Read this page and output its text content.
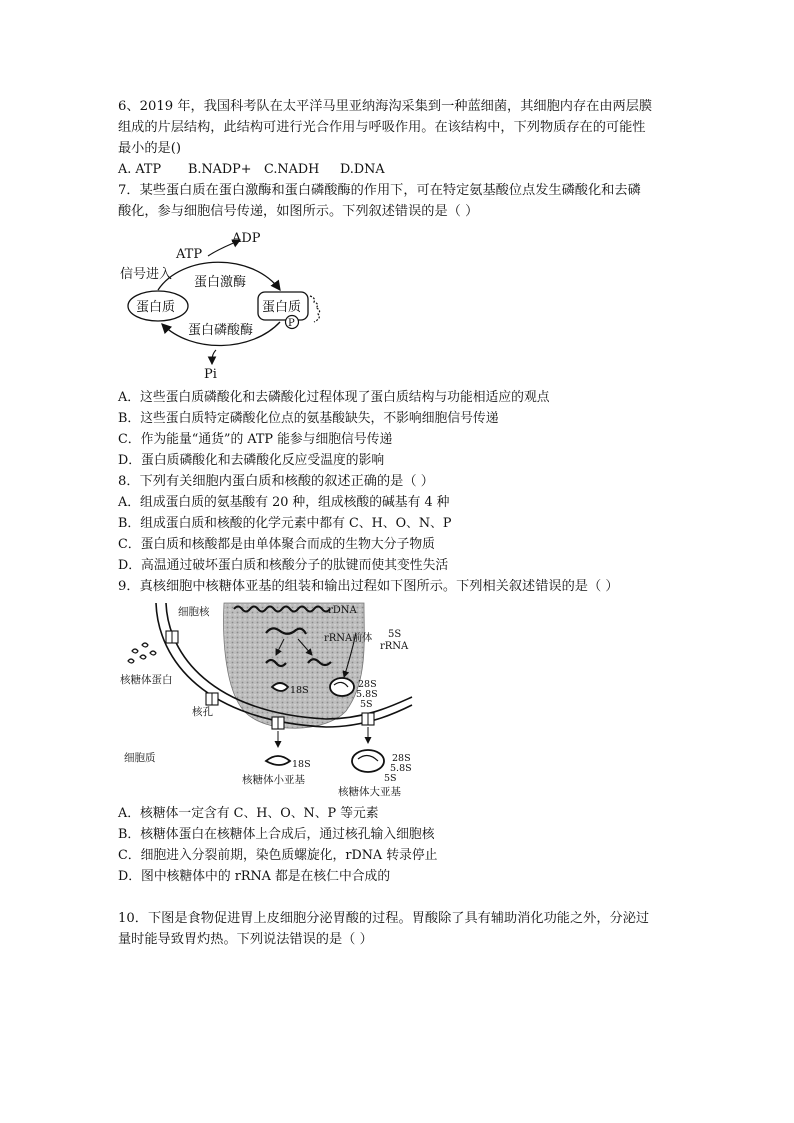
6、2019 年，我国科考队在太平洋马里亚纳海沟采集到一种蓝细菌，其细胞内存在由两层膜
组成的片层结构，此结构可进行光合作用与呼吸作用。在该结构中，下列物质存在的可能性
最小的是()
A. ATP B.NADP+ C.NADH D.DNA
7．某些蛋白质在蛋白激酶和蛋白磷酸酶的作用下，可在特定氨基酸位点发生磷酸化和去磷
酸化，参与细胞信号传递，如图所示。下列叙述错误的是（ ）
ADP
ATP
信号进入
蛋白激酶
蛋白质	蛋白质
P
蛋白磷酸酶
Pi
A．这些蛋白质磷酸化和去磷酸化过程体现了蛋白质结构与功能相适应的观点
B．这些蛋白质特定磷酸化位点的氨基酸缺失，不影响细胞信号传递
C．作为能量“通货”的 ATP 能参与细胞信号传递
D．蛋白质磷酸化和去磷酸化反应受温度的影响
8．下列有关细胞内蛋白质和核酸的叙述正确的是（ ）
A．组成蛋白质的氨基酸有 20 种，组成核酸的碱基有 4 种
B．组成蛋白质和核酸的化学元素中都有 C、H、O、N、P
C．蛋白质和核酸都是由单体聚合而成的生物大分子物质
D．高温通过破坏蛋白质和核酸分子的肽键而使其变性失活
9．真核细胞中核糖体亚基的组装和输出过程如下图所示。下列相关叙述错误的是（ ）
细胞核	rDNA
rRNA前体 5S
rRNA
核糖体蛋白	28S
5.8S
5S
18S
核孔
细胞质
18S
核糖体小亚基
28S
5.8S
5S
核糖体大亚基
A．核糖体一定含有 C、H、O、N、P 等元素
B．核糖体蛋白在核糖体上合成后，通过核孔输入细胞核
C．细胞进入分裂前期，染色质螺旋化，rDNA 转录停止
D．图中核糖体中的 rRNA 都是在核仁中合成的
10．下图是食物促进胃上皮细胞分泌胃酸的过程。胃酸除了具有辅助消化功能之外，分泌过
量时能导致胃灼热。下列说法错误的是（ ）
